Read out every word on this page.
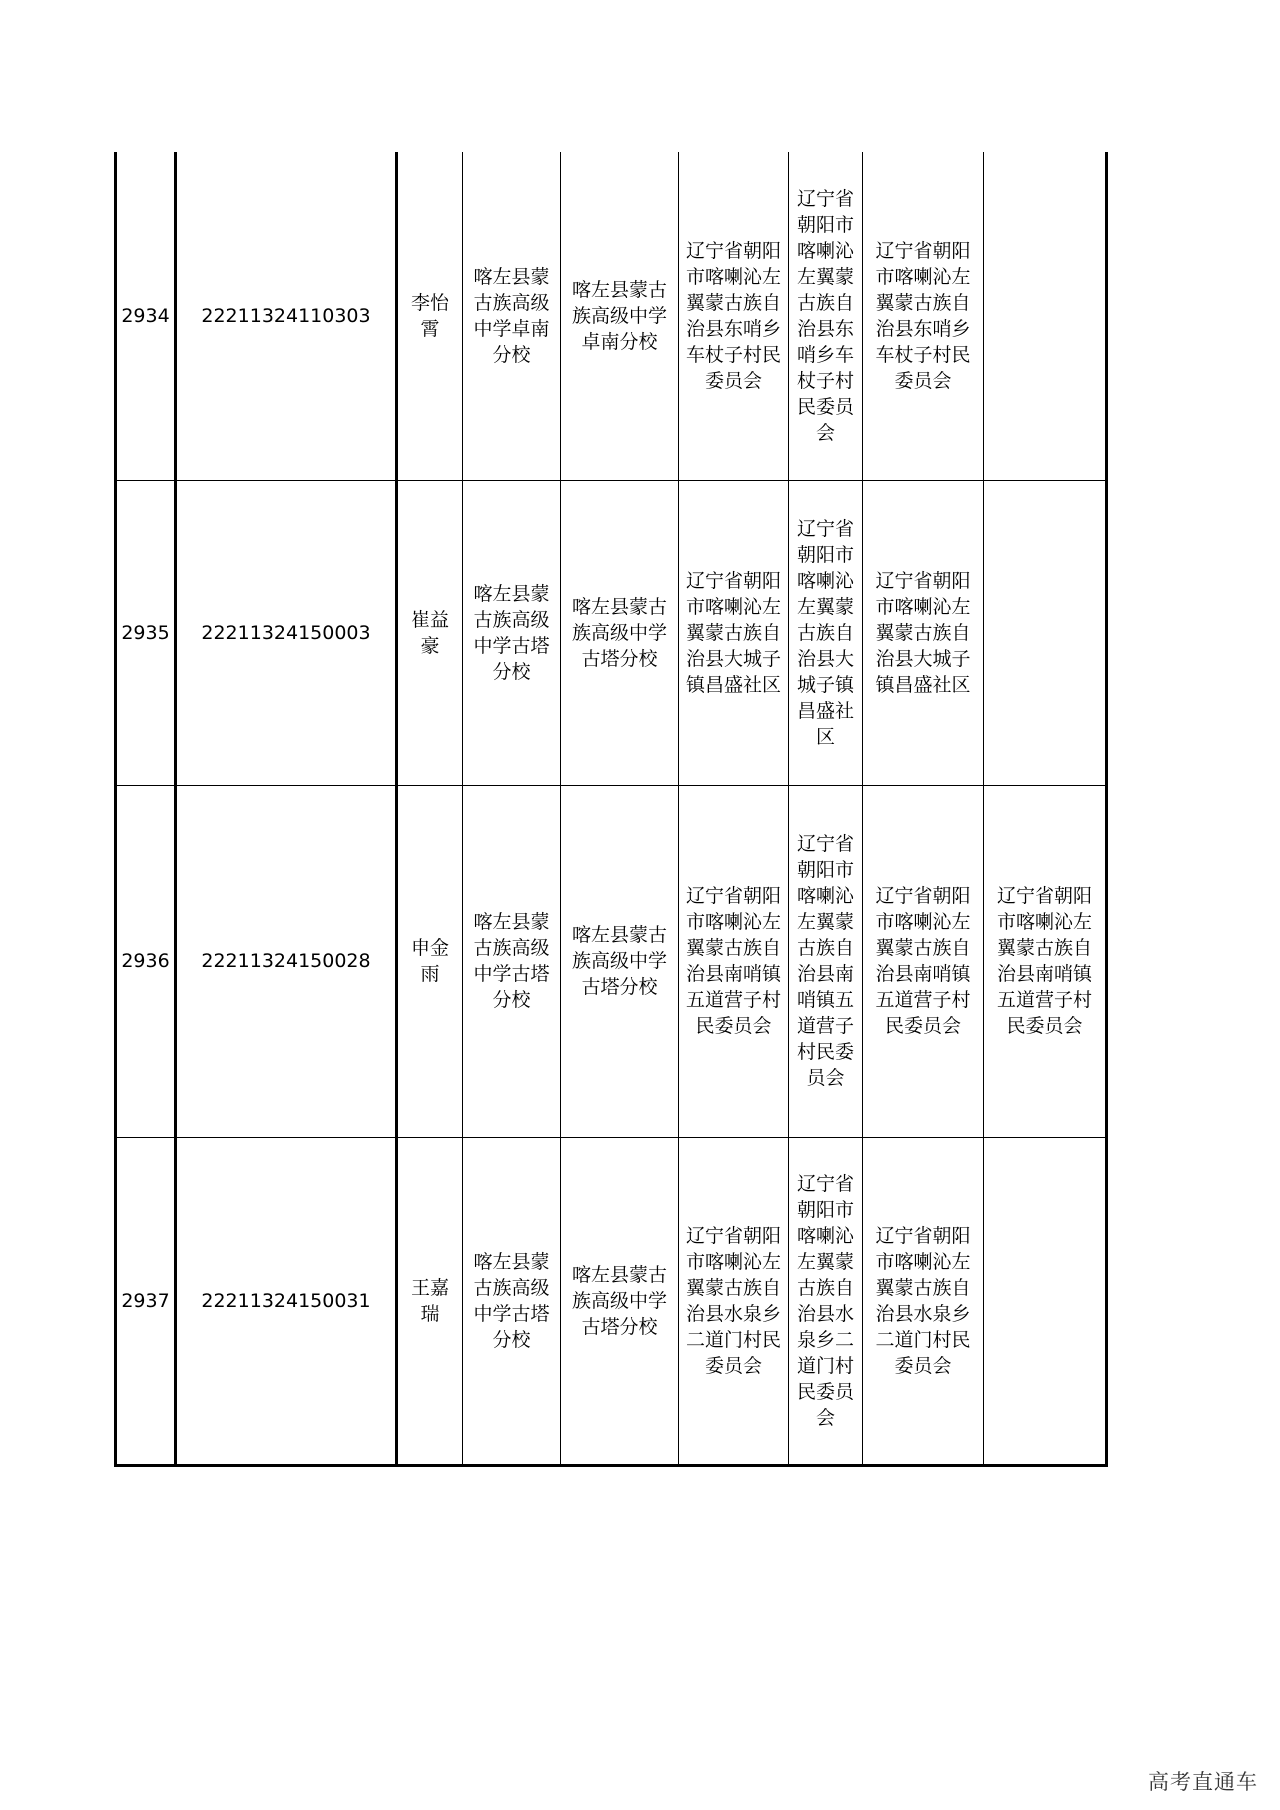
2934	22211324110303	李怡霄	喀左县蒙古族高级中学卓南分校	喀左县蒙古族高级中学卓南分校	辽宁省朝阳市喀喇沁左翼蒙古族自治县东哨乡车杖子村民委员会	辽宁省朝阳市喀喇沁左翼蒙古族自治县东哨乡车杖子村民委员会	辽宁省朝阳市喀喇沁左翼蒙古族自治县东哨乡车杖子村民委员会	
2935	22211324150003	崔益豪	喀左县蒙古族高级中学古塔分校	喀左县蒙古族高级中学古塔分校	辽宁省朝阳市喀喇沁左翼蒙古族自治县大城子镇昌盛社区	辽宁省朝阳市喀喇沁左翼蒙古族自治县大城子镇昌盛社区	辽宁省朝阳市喀喇沁左翼蒙古族自治县大城子镇昌盛社区	
2936	22211324150028	申金雨	喀左县蒙古族高级中学古塔分校	喀左县蒙古族高级中学古塔分校	辽宁省朝阳市喀喇沁左翼蒙古族自治县南哨镇五道营子村民委员会	辽宁省朝阳市喀喇沁左翼蒙古族自治县南哨镇五道营子村民委员会	辽宁省朝阳市喀喇沁左翼蒙古族自治县南哨镇五道营子村民委员会	辽宁省朝阳市喀喇沁左翼蒙古族自治县南哨镇五道营子村民委员会
2937	22211324150031	王嘉瑞	喀左县蒙古族高级中学古塔分校	喀左县蒙古族高级中学古塔分校	辽宁省朝阳市喀喇沁左翼蒙古族自治县水泉乡二道门村民委员会	辽宁省朝阳市喀喇沁左翼蒙古族自治县水泉乡二道门村民委员会	辽宁省朝阳市喀喇沁左翼蒙古族自治县水泉乡二道门村民委员会	
高考直通车
